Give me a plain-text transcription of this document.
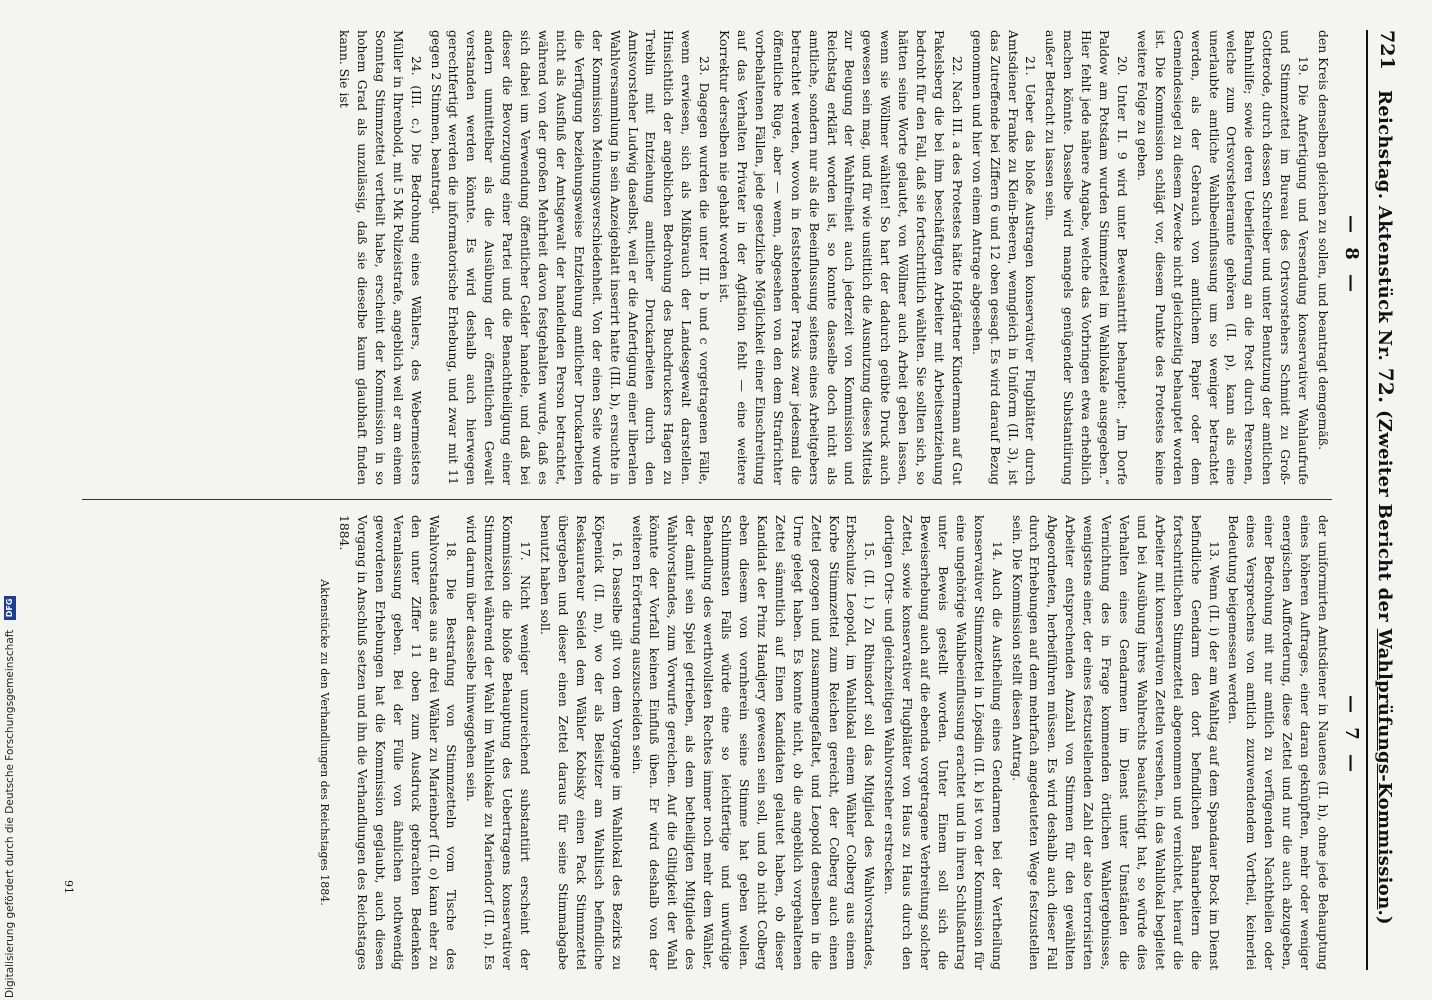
721
Reichstag. Aktenstück Nr. 72. (Zweiter Bericht der Wahlprüfungs-Kommission.)
— 8 —
— 7 —

den Kreis denselben gleichen zu sollen, und beantragt demgemäß.

19. Die Anfertigung und Versendung konservativer Wahlaufrufe und Stimmzettel im Bureau des Ortsvorstehers Schmidt zu Groß-Gotterode, durch dessen Schreiber und unter Benutzung der amtlichen Bahnhilfe; sowie deren Ueberlieferung an die Post durch Personen, welche zum Ortsvorsteheramte gehören (II. p), kann als eine unerlaubte amtliche Wahlbeeinflussung um so weniger betrachtet werden, als der Gebrauch von amtlichem Papier oder dem Gemeindesiegel zu diesem Zwecke nicht gleichzeitig behauptet worden ist. Die Kommission schlägt vor, diesem Punkte des Protestes keine weitere Folge zu geben.

20. Unter II. 9 wird unter Beweisantritt behauptet: „Im Dorfe Paldow am Potsdam wurden Stimmzettel im Wahllokale ausgegeben.“ Hier fehlt jede nähere Angabe, welche das Vorbringen etwa erheblich machen könnte. Dasselbe wird mangels genügender Substantiirung außer Betracht zu lassen sein.

21. Ueber das bloße Austragen konservativer Flugblätter durch Amtsdiener Franke zu Klein-Beeren, wenngleich in Uniform (II. 3), ist das Zutreffende bei Ziffern 6 und 12 oben gesagt. Es wird darauf Bezug genommen und hier von einem Antrage abgesehen.

22. Nach III. a des Protestes hätte Hofgärtner Kindermann auf Gut Pakelsberg die bei ihm beschäftigten Arbeiter mit Arbeitsentziehung bedroht für den Fall, daß sie fortschrittlich wählten. Sie sollten sich, so hätten seine Worte gelautet, von Wöllmer auch Arbeit geben lassen, wenn sie Wöllmer wählten! So hart der dadurch geübte Druck auch gewesen sein mag, und für wie unsittlich die Ausnutzung dieses Mittels zur Beugung der Wahlfreiheit auch jederzeit von Kommission und Reichstag erklärt worden ist, so konnte dasselbe doch nicht als amtliche, sondern nur als die Beeinflussung seitens eines Arbeitgebers betrachtet werden, wovon in feststehender Praxis zwar jedesmal die öffentliche Rüge, aber — wenn, abgesehen von den dem Strafrichter vorbehaltenen Fällen, jede gesetzliche Möglichkeit einer Einschreitung auf das Verhalten Privater in der Agitation fehlt — eine weitere Korrektur derselben nie gehabt worden ist.

23. Dagegen wurden die unter III. b und c vorgetragenen Fälle, wenn erwiesen, sich als Mißbrauch der Landesgewalt darstellen. Hinsichtlich der angeblichen Bedrohung des Buchdruckers Hagen zu Treblin mit Entziehung amtlicher Druckarbeiten durch den Amtsvorsteher Ludwig daselbst, weil er die Anfertigung einer liberalen Wahlversammlung in sein Anzeigeblatt inserirt hatte (III. b), ersuchte in der Kommission Meinungsverschiedenheit. Von der einen Seite wurde die Verfügung beziehungsweise Entziehung amtlicher Druckarbeiten nicht als Ausfluß der Amtsgewalt der handelnden Person betrachtet, während von der großen Mehrheit davon festgehalten wurde, daß es sich dabei um Verwendung öffentlicher Gelder handele, und daß bei dieser die Bevorzugung einer Partei und die Benachtheiligung einer andern unmittelbar als die Ausübung der öffentlichen Gewalt verstanden werden könnte. Es wird deshalb auch hierwegen gerechtfertigt werden die informatorische Erhebung, und zwar mit 11 gegen 2 Stimmen, beantragt.

24. (III. c.) Die Bedrohung eines Wählers, des Webermeisters Müller in Ihrenbold, mit 5 Mk Polizeistrafe, angeblich weil er am einem Sonntag Stimmzettel vertheilt habe, erscheint der Kommission in so hohem Grad als unzulässig, daß sie dieselbe kaum glaubhaft finden kann. Sie ist

der uniformirten Amtsdiener in Nauenes (II. h), ohne jede Behauptung eines höheren Auftrages, einer daran geknüpften, mehr oder weniger energischen Aufforderung, diese Zettel und nur die auch abzugeben, einer Bedrohung mit nur amtlich zu verfügenden Nachtheilen oder eines Versprechens von amtlich zuzuwendendem Vortheil, keinerlei Bedeutung beigemessen werden.

13. Wenn (II. i) der am Wahltag auf dem Spandauer Bock im Dienst befindliche Gendarm den dort befindlichen Bahnarbeitern die fortschrittlichen Stimmzettel abgenommen und vernichtet, hierauf die Arbeiter mit konservativen Zetteln versehen, in das Wahllokal begleitet und bei Ausübung ihres Wahlrechts beaufsichtigt hat, so würde dies Verhalten eines Gendarmen im Dienst unter Umständen die Vernichtung des in Frage kommenden örtlichen Wahlergebnisses, wenigstens einer, der eines festzustellenden Zahl der also terrorisirten Arbeiter entsprechenden Anzahl von Stimmen für den gewählten Abgeordneten, herbeiführen müssen. Es wird deshalb auch dieser Fall durch Erhebungen auf dem mehrfach angedeuteten Wege festzustellen sein. Die Kommission stellt diesen Antrag.

14. Auch die Austheilung eines Gendarmen bei der Vertheilung konservativer Stimmzettel in Löpsdin (II. k) ist von der Kommission für eine ungehörige Wahlbeeinflussung erachtet und in ihren Schlußantrag unter Beweis gestellt worden. Unter Einem soll sich die Beweiserhebung auch auf die ebenda vorgetragene Verbreitung solcher Zettel, sowie konservativer Flugblätter von Haus zu Haus durch den dortigen Orts- und gleichzeitigen Wahlvorsteher erstrecken.

15. (II. l.) Zu Rhinsdorf soll das Mitglied des Wahlvorstandes, Erbschulze Leopold, im Wahllokal einem Wähler Colberg aus einem Korbe Stimmzettel zum Reichen gereicht, der Colberg auch einen Zettel gezogen und zusammengefaltet, und Leopold denselben in die Urne gelegt haben. Es konnte nicht, ob die angeblich vorgehaltenen Zettel sämmtlich auf Einen Kandidaten gelautet haben, ob dieser Kandidat der Prinz Handjery gewesen sein soll, und ob nicht Colberg eben diesem von vornherein seine Stimme hat geben wollen. Schlimmsten Falls würde eine so leichtfertige und unwürdige Behandlung des werthvollsten Rechtes immer noch mehr dem Wähler, der damit sein Spiel getrieben, als dem betheiligten Mitgliede des Wahlvorstandes, zum Vorwurfe gereichen. Auf die Giltigkeit der Wahl könnte der Vorfall keinen Einfluß üben. Er wird deshalb von der weiteren Erörterung auszuscheiden sein.

16. Dasselbe gilt von dem Vorgange im Wahllokal des Bezirks zu Köpenick (II. m), wo der als Beisitzer am Wahltisch befindliche Reskaurateur Seidel dem Wähler Kobisky einen Pack Stimmzettel übergeben und dieser einen Zettel daraus für seine Stimmabgabe benutzt haben soll.

17. Nicht weniger unzureichend substantiirt erscheint der Kommission die bloße Behauptung des Uebertragens konservativer Stimmzettel während der Wahl im Wahllokale zu Mariendorf (II. n). Es wird darum über dasselbe hinweggehen sein.

18. Die Bestrafung von Stimmzetteln vom Tische des Wahlvorstandes aus an drei Wähler zu Marienborf (II. o) kann eher zu den unter Ziffer 11 oben zum Ausdruck gebrachten Bedenken Veranlassung geben. Bei der Fülle von ähnlichen nothwendig gewordenen Erhebungen hat die Kommission geglaubt, auch diesen Vorgang in Anschluß setzen und ihn die Verhandlungen des Reichstages 1884.

Aktenstücke zu den Verhandlungen des Reichstages 1884.

91
Digitalisierung gefördert durch die Deutsche Forschungsgemeinschaft DFG
